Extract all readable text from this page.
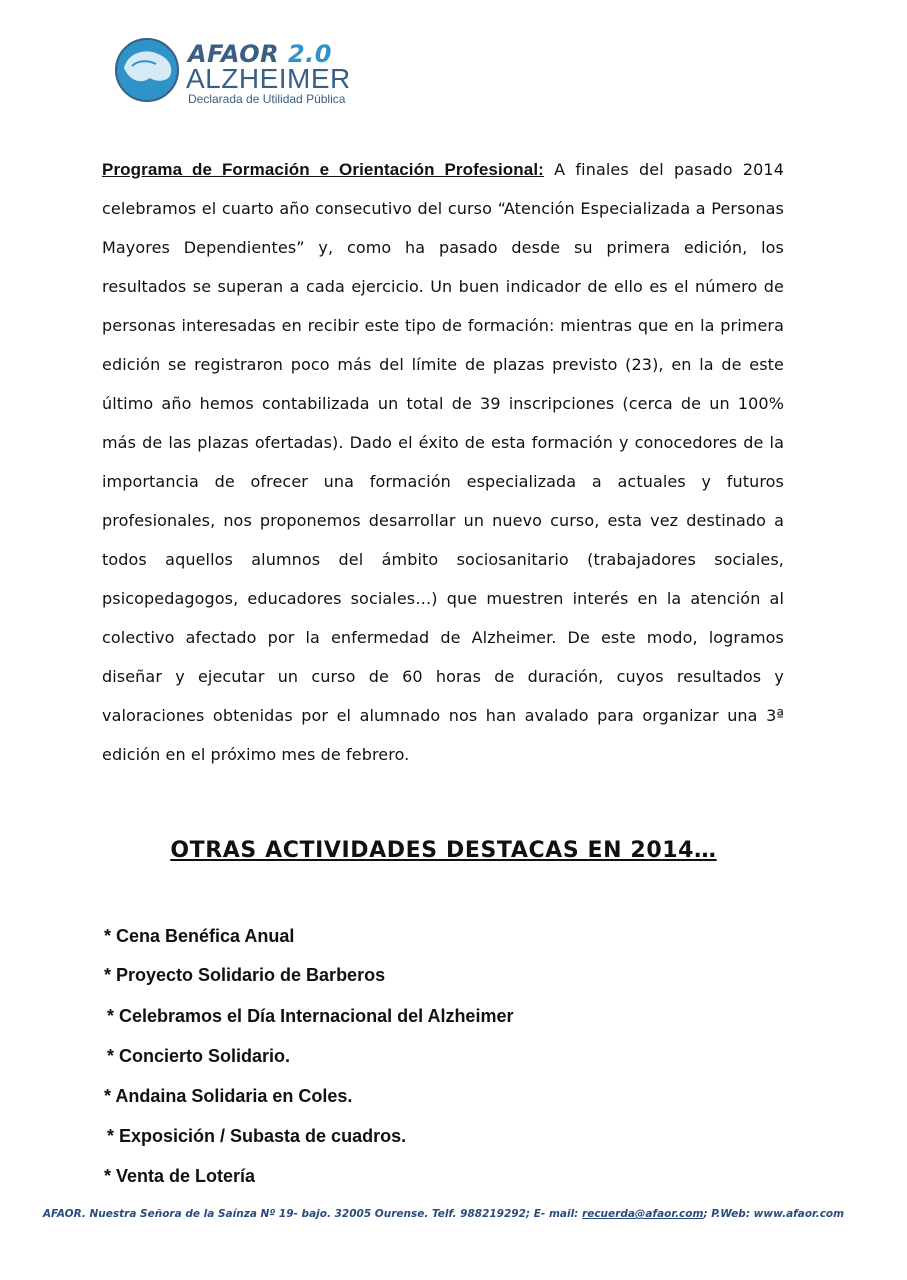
AFAOR 2.0
ALZHEIMER
Declarada de Utilidad Pública
Programa de Formación e Orientación Profesional: A finales del pasado 2014 celebramos el cuarto año consecutivo del curso “Atención Especializada a Personas Mayores Dependientes” y, como ha pasado desde su primera edición, los resultados se superan a cada ejercicio. Un buen indicador de ello es el número de personas interesadas en recibir este tipo de formación: mientras que en la primera edición se registraron poco más del límite de plazas previsto (23), en la de este último año hemos contabilizada un total de 39 inscripciones (cerca de un 100% más de las plazas ofertadas). Dado el éxito de esta formación y conocedores de la importancia de ofrecer una formación especializada a actuales y futuros profesionales, nos proponemos desarrollar un nuevo curso, esta vez destinado a todos aquellos alumnos del ámbito sociosanitario (trabajadores sociales, psicopedagogos, educadores sociales…) que muestren interés en la atención al colectivo afectado por la enfermedad de Alzheimer. De este modo, logramos diseñar y ejecutar un curso de 60 horas de duración, cuyos resultados y valoraciones obtenidas por el alumnado nos han avalado para organizar una 3ª edición en el próximo mes de febrero.
OTRAS ACTIVIDADES DESTACAS EN 2014…
* Cena Benéfica Anual
* Proyecto Solidario de Barberos
* Celebramos el Día Internacional del Alzheimer
* Concierto Solidario.
* Andaina Solidaria en Coles.
* Exposición / Subasta de cuadros.
* Venta de Lotería
AFAOR. Nuestra Señora de la Saínza Nº 19- bajo. 32005 Ourense. Telf. 988219292; E- mail: recuerda@afaor.com; P.Web: www.afaor.com
